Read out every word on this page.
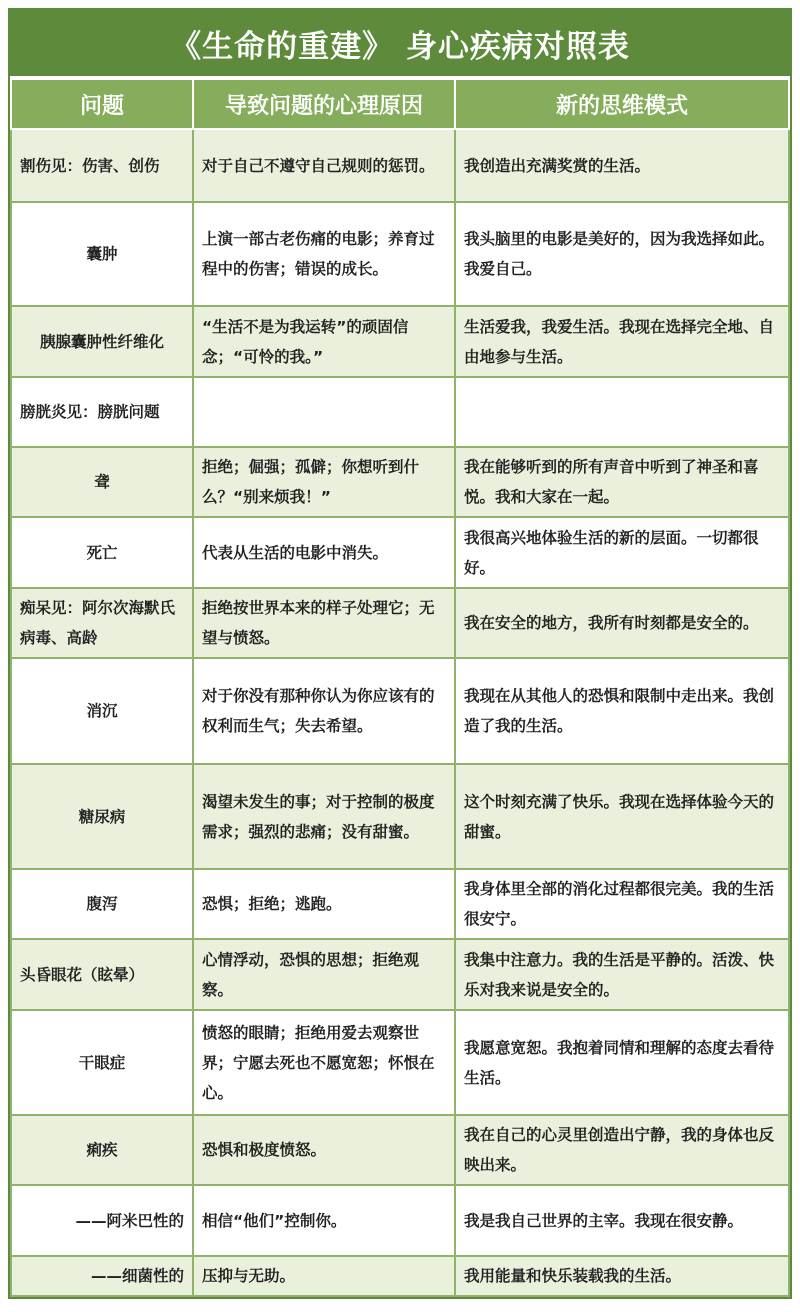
《生命的重建》 身心疾病对照表
问题	导致问题的心理原因	新的思维模式
割伤见：伤害、创伤	对于自己不遵守自己规则的惩罚。	我创造出充满奖赏的生活。
囊肿	上演一部古老伤痛的电影；养育过程中的伤害；错误的成长。	我头脑里的电影是美好的，因为我选择如此。我爱自己。
胰腺囊肿性纤维化	“生活不是为我运转”的顽固信念；“可怜的我。”	生活爱我，我爱生活。我现在选择完全地、自由地参与生活。
膀胱炎见：膀胱问题		
聋	拒绝；倔强；孤僻；你想听到什么？“别来烦我！”	我在能够听到的所有声音中听到了神圣和喜悦。我和大家在一起。
死亡	代表从生活的电影中消失。	我很高兴地体验生活的新的层面。一切都很好。
痴呆见：阿尔次海默氏病毒、高龄	拒绝按世界本来的样子处理它；无望与愤怒。	我在安全的地方，我所有时刻都是安全的。
消沉	对于你没有那种你认为你应该有的权利而生气；失去希望。	我现在从其他人的恐惧和限制中走出来。我创造了我的生活。
糖尿病	渴望未发生的事；对于控制的极度需求；强烈的悲痛；没有甜蜜。	这个时刻充满了快乐。我现在选择体验今天的甜蜜。
腹泻	恐惧；拒绝；逃跑。	我身体里全部的消化过程都很完美。我的生活很安宁。
头昏眼花（眩晕）	心情浮动，恐惧的思想；拒绝观察。	我集中注意力。我的生活是平静的。活泼、快乐对我来说是安全的。
干眼症	愤怒的眼睛；拒绝用爱去观察世界；宁愿去死也不愿宽恕；怀恨在心。	我愿意宽恕。我抱着同情和理解的态度去看待生活。
痢疾	恐惧和极度愤怒。	我在自己的心灵里创造出宁静，我的身体也反映出来。
——阿米巴性的	相信“他们”控制你。	我是我自己世界的主宰。我现在很安静。
——细菌性的	压抑与无助。	我用能量和快乐装载我的生活。
